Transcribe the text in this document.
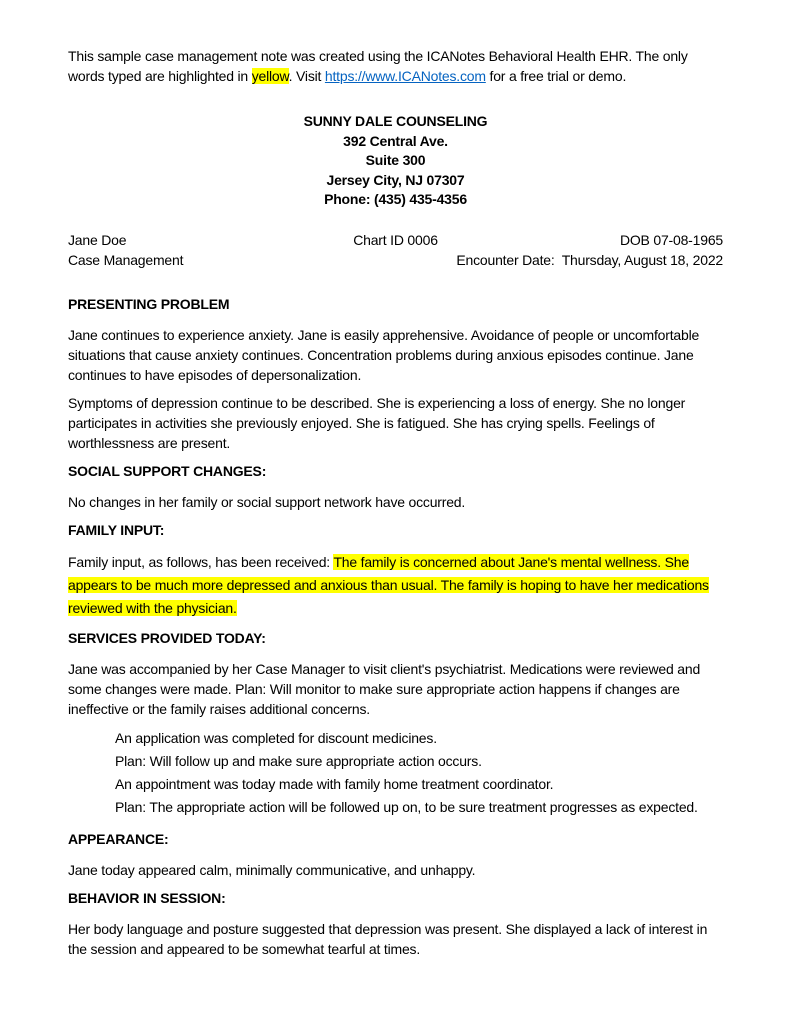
This sample case management note was created using the ICANotes Behavioral Health EHR. The only words typed are highlighted in yellow. Visit https://www.ICANotes.com for a free trial or demo.

SUNNY DALE COUNSELING
392 Central Ave.
Suite 300
Jersey City, NJ 07307
Phone: (435) 435-4356
Jane Doe	Chart ID 0006	DOB 07-08-1965
Case Management	Encounter Date:  Thursday, August 18, 2022
PRESENTING PROBLEM

Jane continues to experience anxiety. Jane is easily apprehensive. Avoidance of people or uncomfortable situations that cause anxiety continues. Concentration problems during anxious episodes continue. Jane continues to have episodes of depersonalization.

Symptoms of depression continue to be described. She is experiencing a loss of energy. She no longer participates in activities she previously enjoyed. She is fatigued. She has crying spells. Feelings of worthlessness are present.

SOCIAL SUPPORT CHANGES:

No changes in her family or social support network have occurred.

FAMILY INPUT:

Family input, as follows, has been received: The family is concerned about Jane's mental wellness. She appears to be much more depressed and anxious than usual. The family is hoping to have her medications reviewed with the physician.

SERVICES PROVIDED TODAY:

Jane was accompanied by her Case Manager to visit client's psychiatrist. Medications were reviewed and some changes were made. Plan: Will monitor to make sure appropriate action happens if changes are ineffective or the family raises additional concerns.

An application was completed for discount medicines.
Plan: Will follow up and make sure appropriate action occurs.
An appointment was today made with family home treatment coordinator.
Plan: The appropriate action will be followed up on, to be sure treatment progresses as expected.
APPEARANCE:

Jane today appeared calm, minimally communicative, and unhappy.

BEHAVIOR IN SESSION:

Her body language and posture suggested that depression was present. She displayed a lack of interest in the session and appeared to be somewhat tearful at times.
